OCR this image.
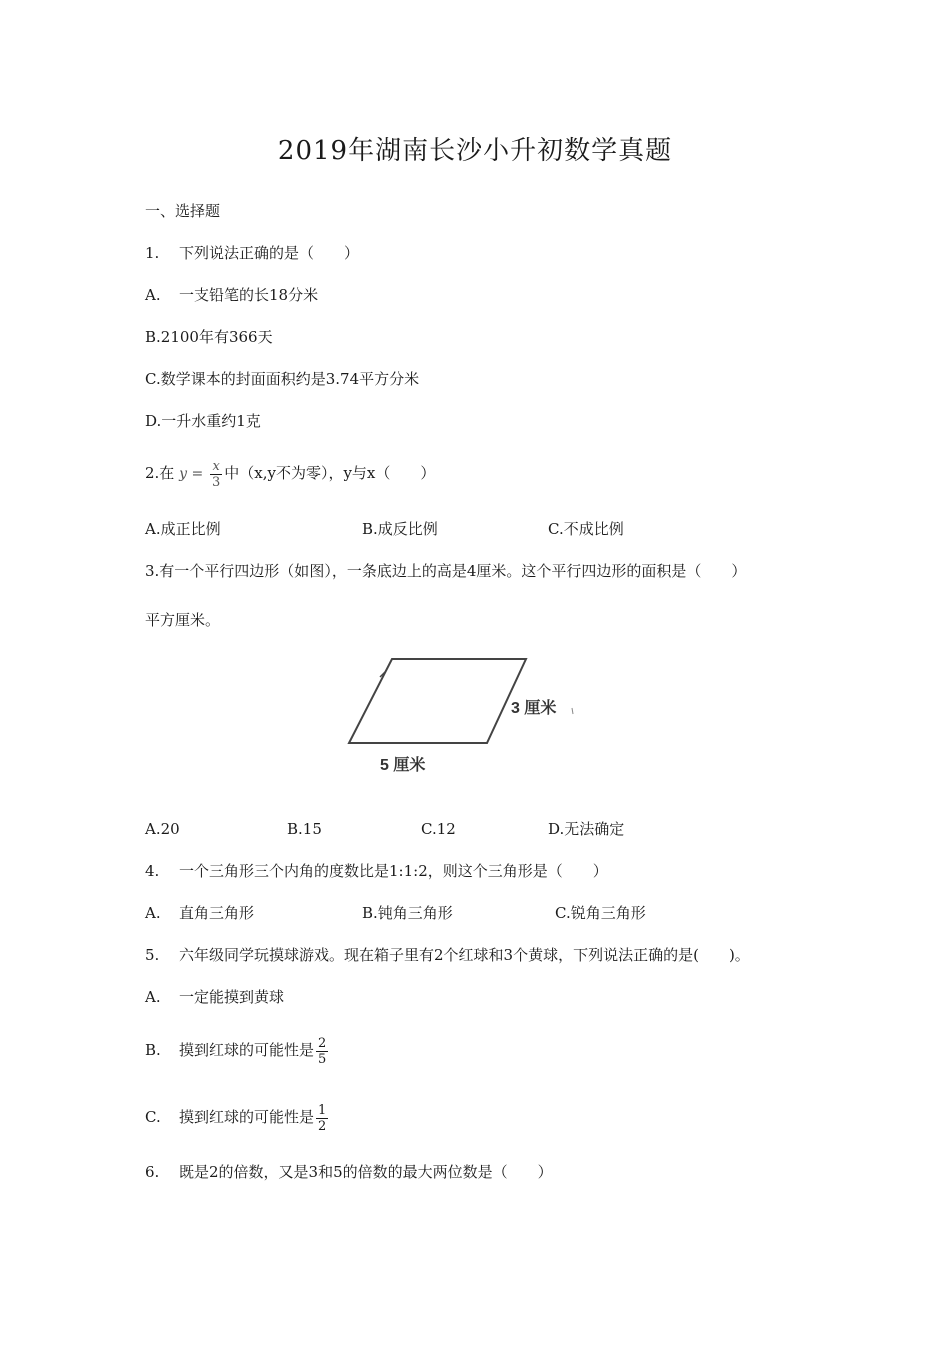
2019年湖南长沙小升初数学真题
一、选择题
1. 下列说法正确的是（　　）
A. 一支铅笔的长18分米
B.2100年有366天
C.数学课本的封面面积约是3.74平方分米
D.一升水重约1克
2.在 $y = \frac{x}{3}$ 中（x,y不为零），y与x（　　）
A.成正比例	B.成反比例	C.不成比例
3.有一个平行四边形（如图），一条底边上的高是4厘米。这个平行四边形的面积是（　　）
平方厘米。
3 厘米
5 厘米
A.20	B.15	C.12	D.无法确定
4. 一个三角形三个内角的度数比是1:1:2，则这个三角形是（　　）
A. 直角三角形	B.钝角三角形	C.锐角三角形
5. 六年级同学玩摸球游戏。现在箱子里有2个红球和3个黄球，下列说法正确的是(　　)。
A. 一定能摸到黄球
B. 摸到红球的可能性是 $\frac{2}{5}$
C. 摸到红球的可能性是 $\frac{1}{2}$
6. 既是2的倍数，又是3和5的倍数的最大两位数是（　　）
